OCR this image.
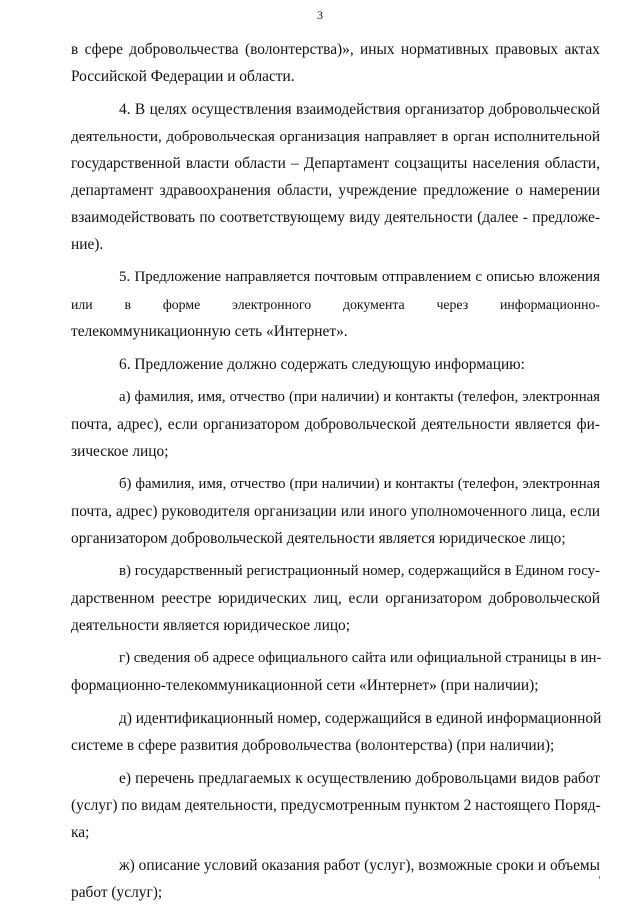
3
в сфере добровольчества (волонтерства)», иных нормативных правовых актах
Российской Федерации и области.
4. В целях осуществления взаимодействия организатор добровольческой
деятельности, добровольческая организация направляет в орган исполнительной
государственной власти области – Департамент соцзащиты населения области,
департамент здравоохранения области, учреждение предложение о намерении
взаимодействовать по соответствующему виду деятельности (далее - предложе-
ние).
5. Предложение направляется почтовым отправлением с описью вложения
или в форме электронного документа через информационно-
телекоммуникационную сеть «Интернет».
6. Предложение должно содержать следующую информацию:
а) фамилия, имя, отчество (при наличии) и контакты (телефон, электронная
почта, адрес), если организатором добровольческой деятельности является фи-
зическое лицо;
б) фамилия, имя, отчество (при наличии) и контакты (телефон, электронная
почта, адрес) руководителя организации или иного уполномоченного лица, если
организатором добровольческой деятельности является юридическое лицо;
в) государственный регистрационный номер, содержащийся в Едином госу-
дарственном реестре юридических лиц, если организатором добровольческой
деятельности является юридическое лицо;
г) сведения об адресе официального сайта или официальной страницы в ин-
формационно-телекоммуникационной сети «Интернет» (при наличии);
д) идентификационный номер, содержащийся в единой информационной
системе в сфере развития добровольчества (волонтерства) (при наличии);
е) перечень предлагаемых к осуществлению добровольцами видов работ
(услуг) по видам деятельности, предусмотренным пунктом 2 настоящего Поряд-
ка;
ж) описание условий оказания работ (услуг), возможные сроки и объемы
работ (услуг);
